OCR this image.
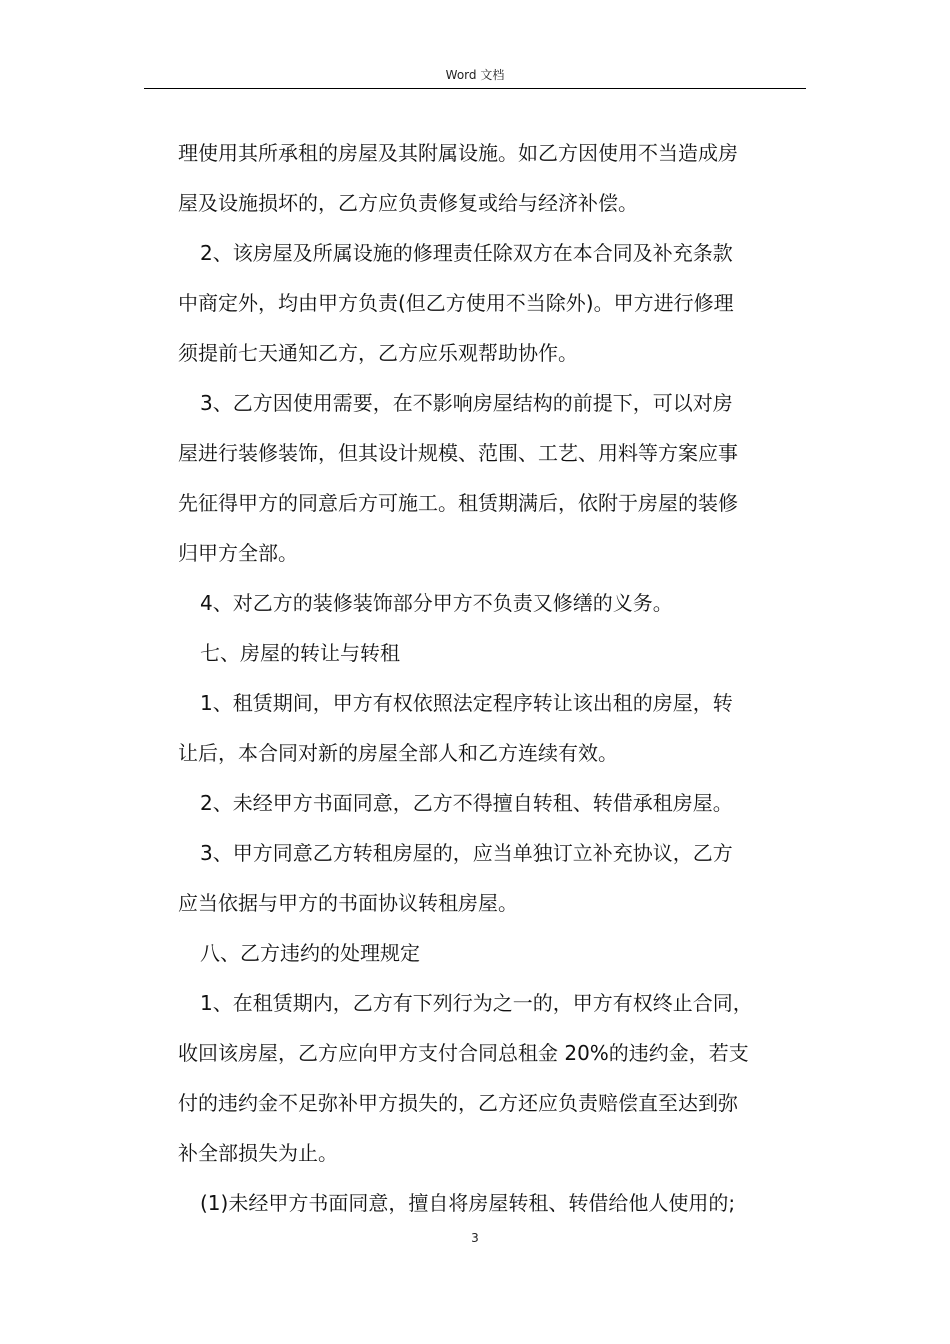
Word 文档
理使用其所承租的房屋及其附属设施。如乙方因使用不当造成房
屋及设施损坏的，乙方应负责修复或给与经济补偿。
2、该房屋及所属设施的修理责任除双方在本合同及补充条款
中商定外，均由甲方负责(但乙方使用不当除外)。甲方进行修理
须提前七天通知乙方，乙方应乐观帮助协作。
3、乙方因使用需要，在不影响房屋结构的前提下，可以对房
屋进行装修装饰，但其设计规模、范围、工艺、用料等方案应事
先征得甲方的同意后方可施工。租赁期满后，依附于房屋的装修
归甲方全部。
4、对乙方的装修装饰部分甲方不负责又修缮的义务。
七、房屋的转让与转租
1、租赁期间，甲方有权依照法定程序转让该出租的房屋，转
让后，本合同对新的房屋全部人和乙方连续有效。
2、未经甲方书面同意，乙方不得擅自转租、转借承租房屋。
3、甲方同意乙方转租房屋的，应当单独订立补充协议，乙方
应当依据与甲方的书面协议转租房屋。
八、乙方违约的处理规定
1、在租赁期内，乙方有下列行为之一的，甲方有权终止合同，
收回该房屋，乙方应向甲方支付合同总租金 20%的违约金，若支
付的违约金不足弥补甲方损失的，乙方还应负责赔偿直至达到弥
补全部损失为止。
(1)未经甲方书面同意，擅自将房屋转租、转借给他人使用的;
3
